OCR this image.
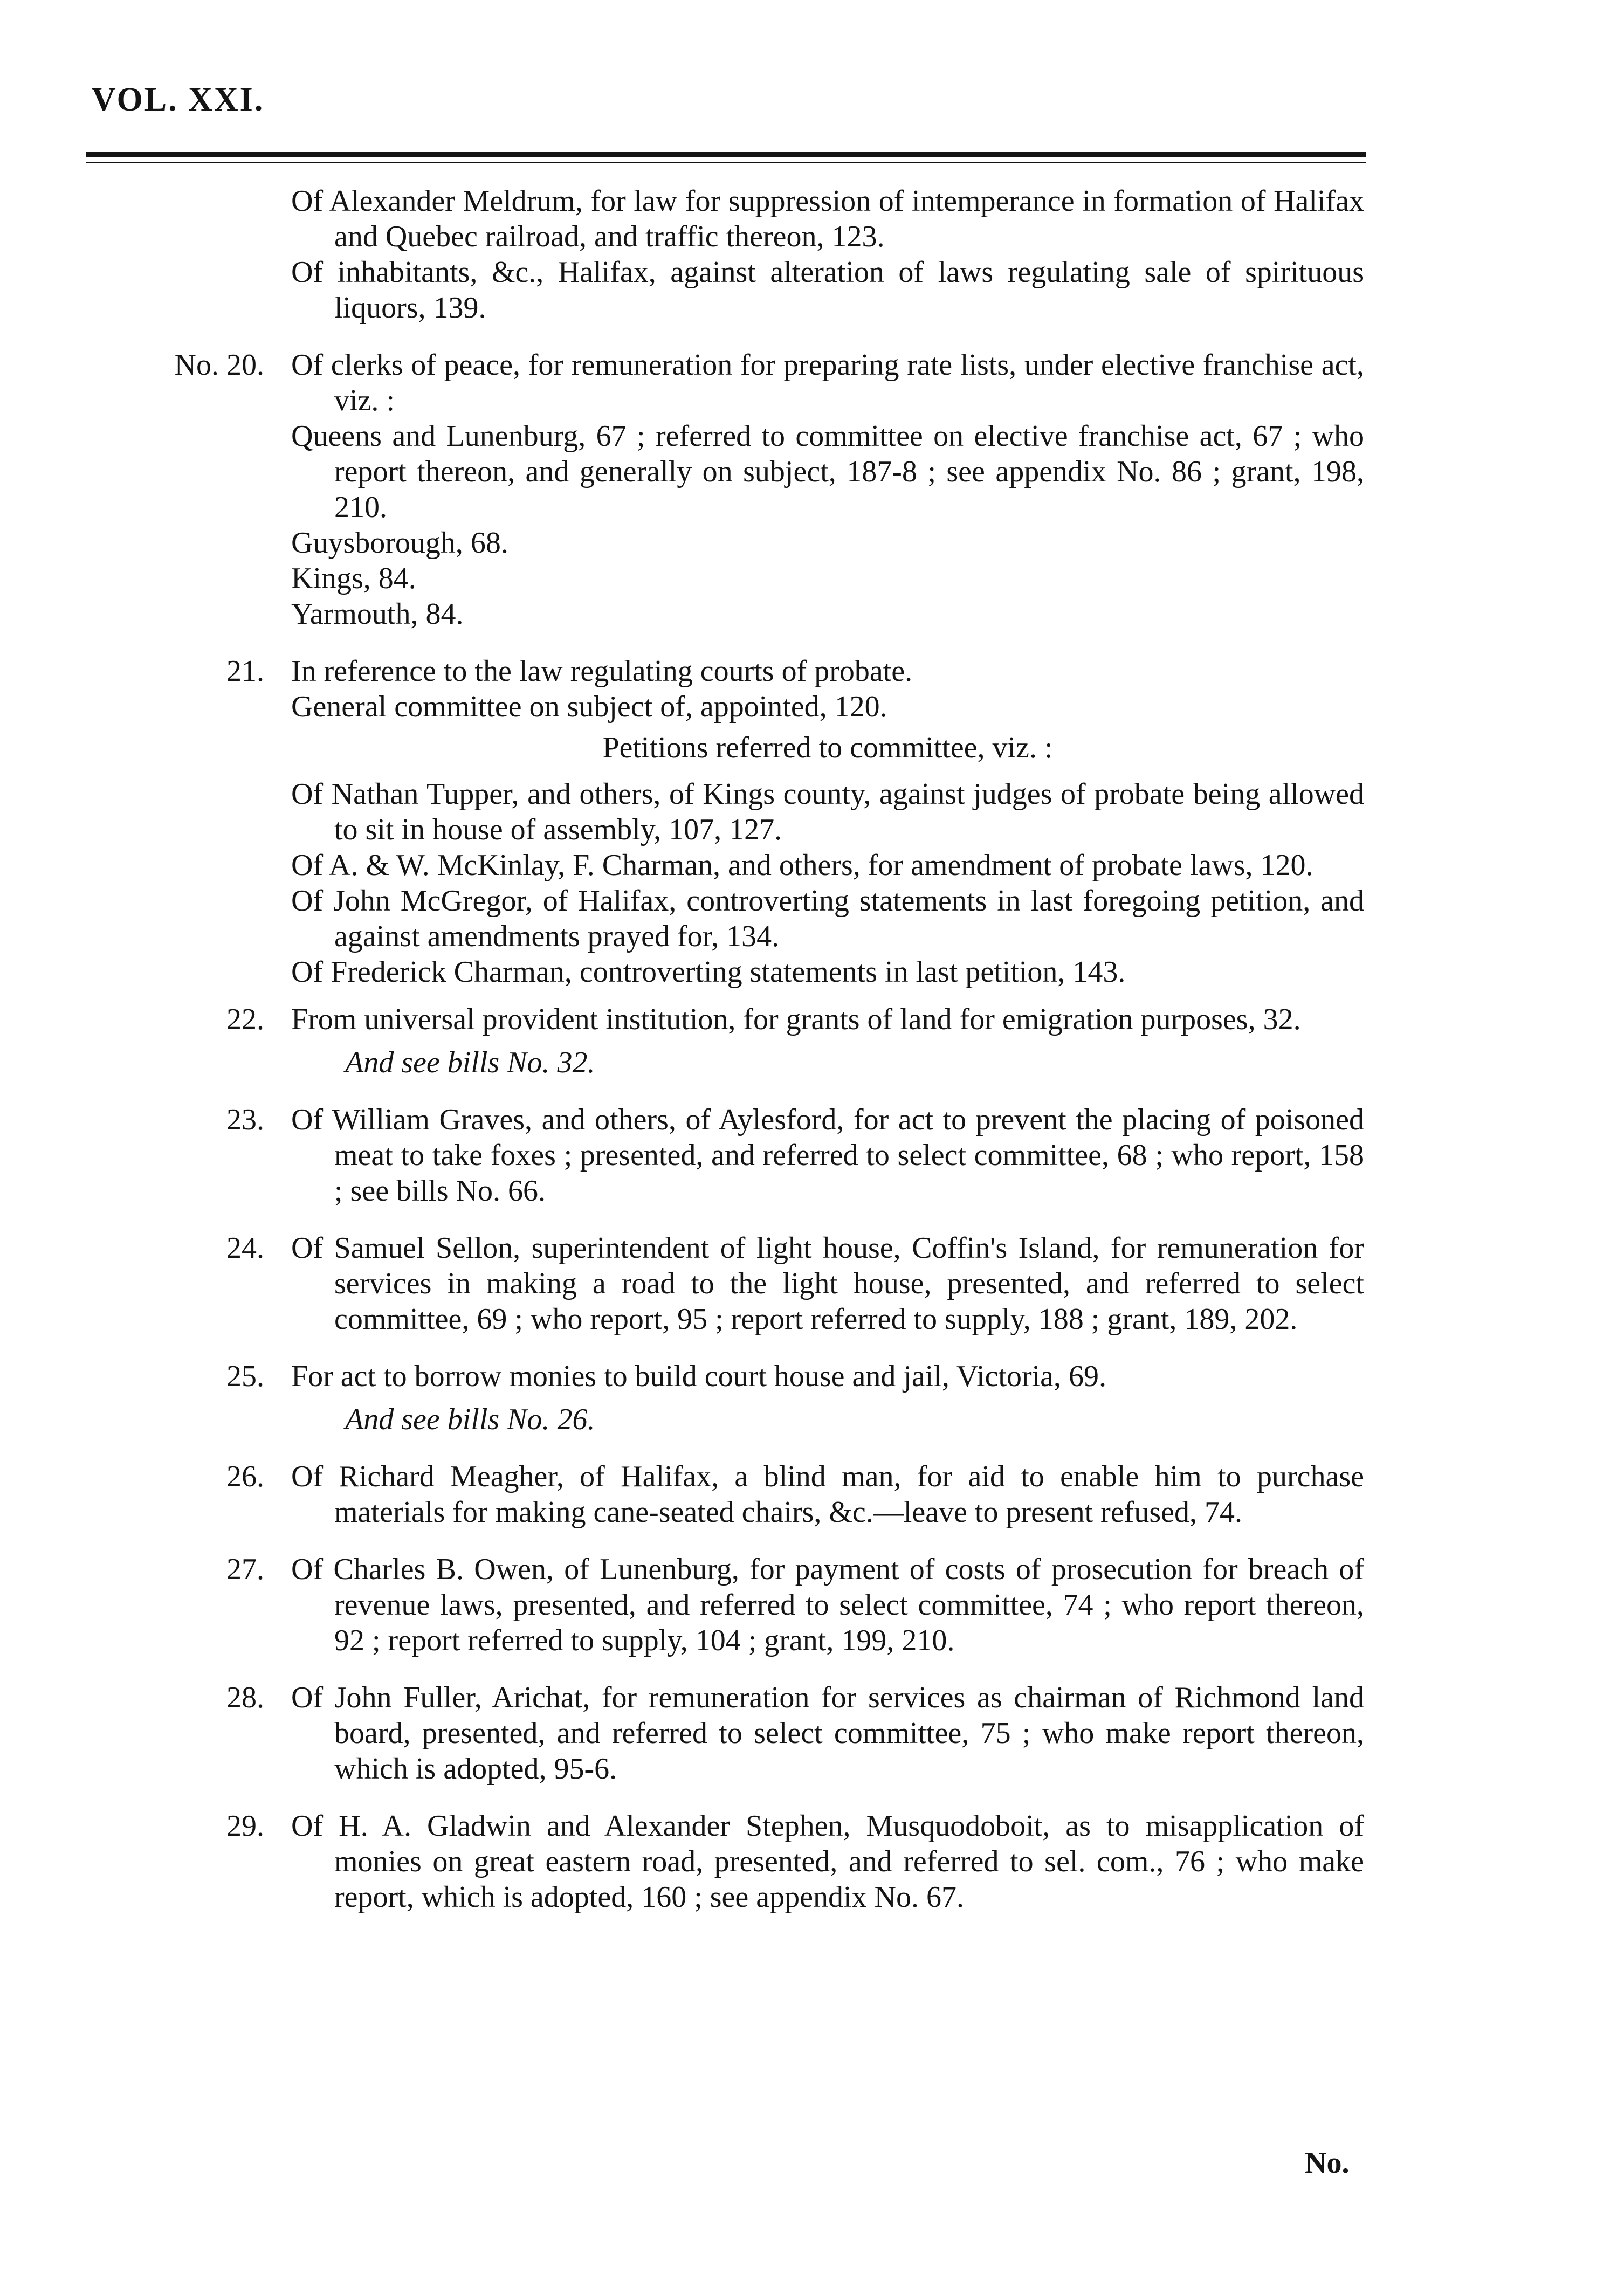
VOL. XXI.

Of Alexander Meldrum, for law for suppression of intemperance in formation of Halifax and Quebec railroad, and traffic thereon, 123.

Of inhabitants, &c., Halifax, against alteration of laws regulating sale of spirituous liquors, 139.

No. 20. Of clerks of peace, for remuneration for preparing rate lists, under elective franchise act, viz. :

Queens and Lunenburg, 67 ; referred to committee on elective franchise act, 67 ; who report thereon, and generally on subject, 187-8 ; see appendix No. 86 ; grant, 198, 210.

Guysborough, 68.

Kings, 84.

Yarmouth, 84.

21. In reference to the law regulating courts of probate.

General committee on subject of, appointed, 120.

Petitions referred to committee, viz. :

Of Nathan Tupper, and others, of Kings county, against judges of probate being allowed to sit in house of assembly, 107, 127.

Of A. & W. McKinlay, F. Charman, and others, for amendment of probate laws, 120.

Of John McGregor, of Halifax, controverting statements in last foregoing petition, and against amendments prayed for, 134.

Of Frederick Charman, controverting statements in last petition, 143.

22. From universal provident institution, for grants of land for emigration purposes, 32.

And see bills No. 32.

23. Of William Graves, and others, of Aylesford, for act to prevent the placing of poisoned meat to take foxes ; presented, and referred to select committee, 68 ; who report, 158 ; see bills No. 66.

24. Of Samuel Sellon, superintendent of light house, Coffin's Island, for remuneration for services in making a road to the light house, presented, and referred to select committee, 69 ; who report, 95 ; report referred to supply, 188 ; grant, 189, 202.

25. For act to borrow monies to build court house and jail, Victoria, 69.

And see bills No. 26.

26. Of Richard Meagher, of Halifax, a blind man, for aid to enable him to purchase materials for making cane-seated chairs, &c.—leave to present refused, 74.

27. Of Charles B. Owen, of Lunenburg, for payment of costs of prosecution for breach of revenue laws, presented, and referred to select committee, 74 ; who report thereon, 92 ; report referred to supply, 104 ; grant, 199, 210.

28. Of John Fuller, Arichat, for remuneration for services as chairman of Richmond land board, presented, and referred to select committee, 75 ; who make report thereon, which is adopted, 95-6.

29. Of H. A. Gladwin and Alexander Stephen, Musquodoboit, as to misapplication of monies on great eastern road, presented, and referred to sel. com., 76 ; who make report, which is adopted, 160 ; see appendix No. 67.

No.
